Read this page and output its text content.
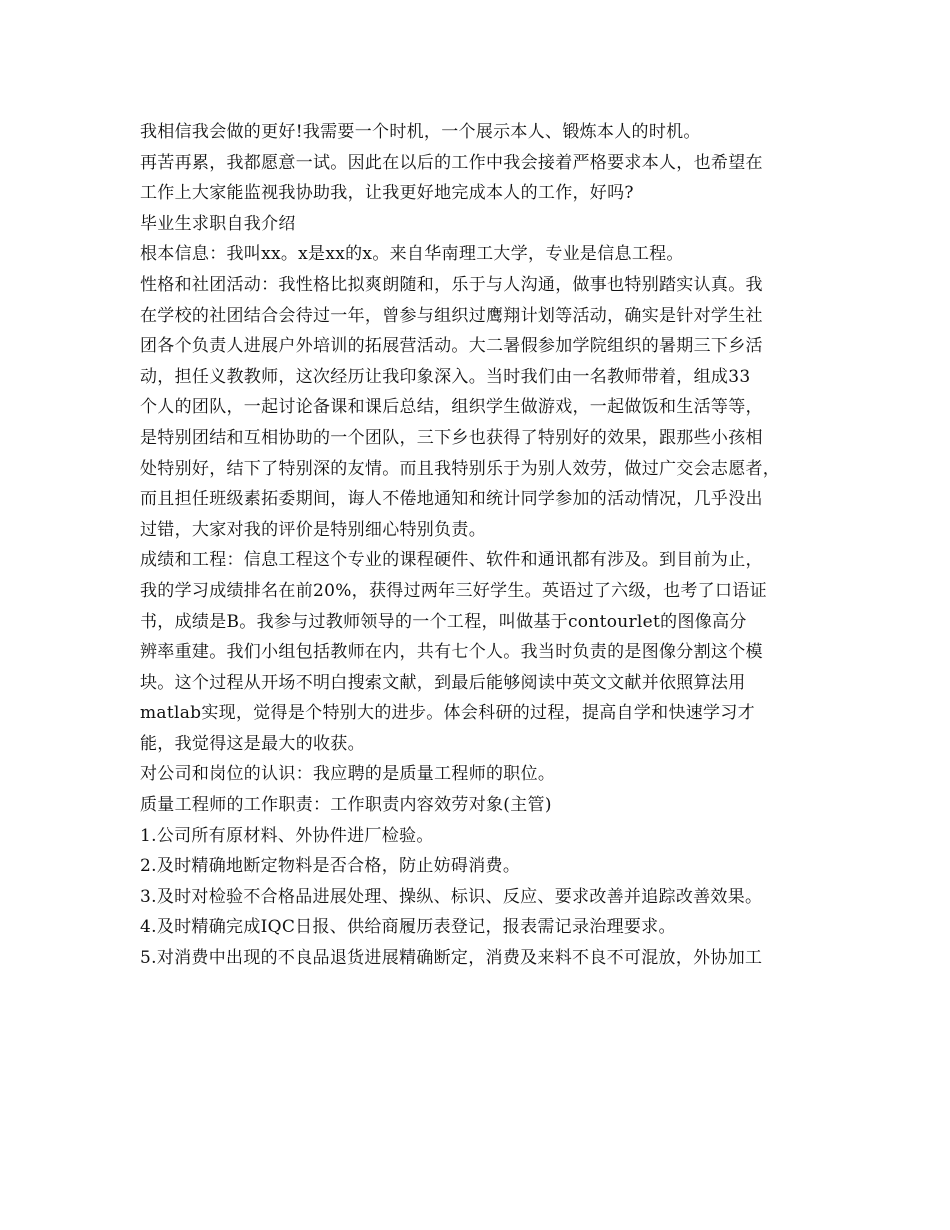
我相信我会做的更好!我需要一个时机，一个展示本人、锻炼本人的时机。
再苦再累，我都愿意一试。因此在以后的工作中我会接着严格要求本人，也希望在
工作上大家能监视我协助我，让我更好地完成本人的工作，好吗?
毕业生求职自我介绍
根本信息：我叫xx。x是xx的x。来自华南理工大学，专业是信息工程。
性格和社团活动：我性格比拟爽朗随和，乐于与人沟通，做事也特别踏实认真。我
在学校的社团结合会待过一年，曾参与组织过鹰翔计划等活动，确实是针对学生社
团各个负责人进展户外培训的拓展营活动。大二暑假参加学院组织的暑期三下乡活
动，担任义教教师，这次经历让我印象深入。当时我们由一名教师带着，组成33
个人的团队，一起讨论备课和课后总结，组织学生做游戏，一起做饭和生活等等，
是特别团结和互相协助的一个团队，三下乡也获得了特别好的效果，跟那些小孩相
处特别好，结下了特别深的友情。而且我特别乐于为别人效劳，做过广交会志愿者，
而且担任班级素拓委期间，诲人不倦地通知和统计同学参加的活动情况，几乎没出
过错，大家对我的评价是特别细心特别负责。
成绩和工程：信息工程这个专业的课程硬件、软件和通讯都有涉及。到目前为止，
我的学习成绩排名在前20%，获得过两年三好学生。英语过了六级，也考了口语证
书，成绩是B。我参与过教师领导的一个工程，叫做基于contourlet的图像高分
辨率重建。我们小组包括教师在内，共有七个人。我当时负责的是图像分割这个模
块。这个过程从开场不明白搜索文献，到最后能够阅读中英文文献并依照算法用
matlab实现，觉得是个特别大的进步。体会科研的过程，提高自学和快速学习才
能，我觉得这是最大的收获。
对公司和岗位的认识：我应聘的是质量工程师的职位。
质量工程师的工作职责：工作职责内容效劳对象(主管)
1.公司所有原材料、外协件进厂检验。
2.及时精确地断定物料是否合格，防止妨碍消费。
3.及时对检验不合格品进展处理、操纵、标识、反应、要求改善并追踪改善效果。
4.及时精确完成IQC日报、供给商履历表登记，报表需记录治理要求。
5.对消费中出现的不良品退货进展精确断定，消费及来料不良不可混放，外协加工
